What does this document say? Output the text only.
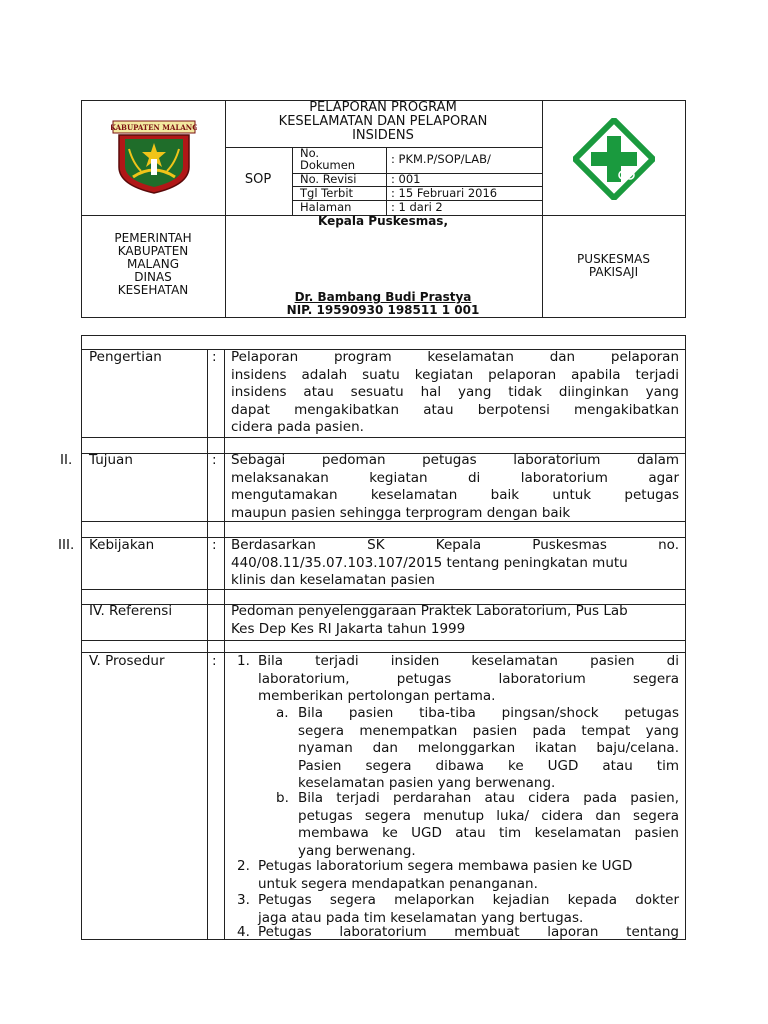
KABUPATEN MALANG
PELAPORAN PROGRAM
KESELAMATAN DAN PELAPORAN
INSIDENS
SOP
No.
Dokumen	: PKM.P/SOP/LAB/
No. Revisi	: 001
Tgl Terbit	: 15 Februari 2016
Halaman	: 1 dari 2
PEMERINTAH
KABUPATEN
MALANG
DINAS
KESEHATAN
Kepala Puskesmas,
Dr. Bambang Budi Prastya
NIP. 19590930 198511 1 001
PUSKESMAS
PAKISAJI
Pengertian	: Pelaporan program keselamatan dan pelaporan
insidens adalah suatu kegiatan pelaporan apabila terjadi
insidens atau sesuatu hal yang tidak diinginkan yang
dapat mengakibatkan atau berpotensi mengakibatkan
cidera pada pasien.
II. Tujuan	: Sebagai pedoman petugas laboratorium dalam
melaksanakan kegiatan di laboratorium agar
mengutamakan keselamatan baik untuk petugas
maupun pasien sehingga terprogram dengan baik
III. Kebijakan	: Berdasarkan SK Kepala Puskesmas no.
440/08.11/35.07.103.107/2015 tentang peningkatan mutu
klinis dan keselamatan pasien
IV. Referensi	Pedoman penyelenggaraan Praktek Laboratorium, Pus Lab
Kes Dep Kes RI Jakarta tahun 1999
V. Prosedur	: 1. Bila terjadi insiden keselamatan pasien di
laboratorium, petugas laboratorium segera
memberikan pertolongan pertama.
a. Bila pasien tiba-tiba pingsan/shock petugas
segera menempatkan pasien pada tempat yang
nyaman dan melonggarkan ikatan baju/celana.
Pasien segera dibawa ke UGD atau tim
keselamatan pasien yang berwenang.
b. Bila terjadi perdarahan atau cidera pada pasien,
petugas segera menutup luka/ cidera dan segera
membawa ke UGD atau tim keselamatan pasien
yang berwenang.
2. Petugas laboratorium segera membawa pasien ke UGD
untuk segera mendapatkan penanganan.
3. Petugas segera melaporkan kejadian kepada dokter
jaga atau pada tim keselamatan yang bertugas.
4. Petugas laboratorium membuat laporan tentang
